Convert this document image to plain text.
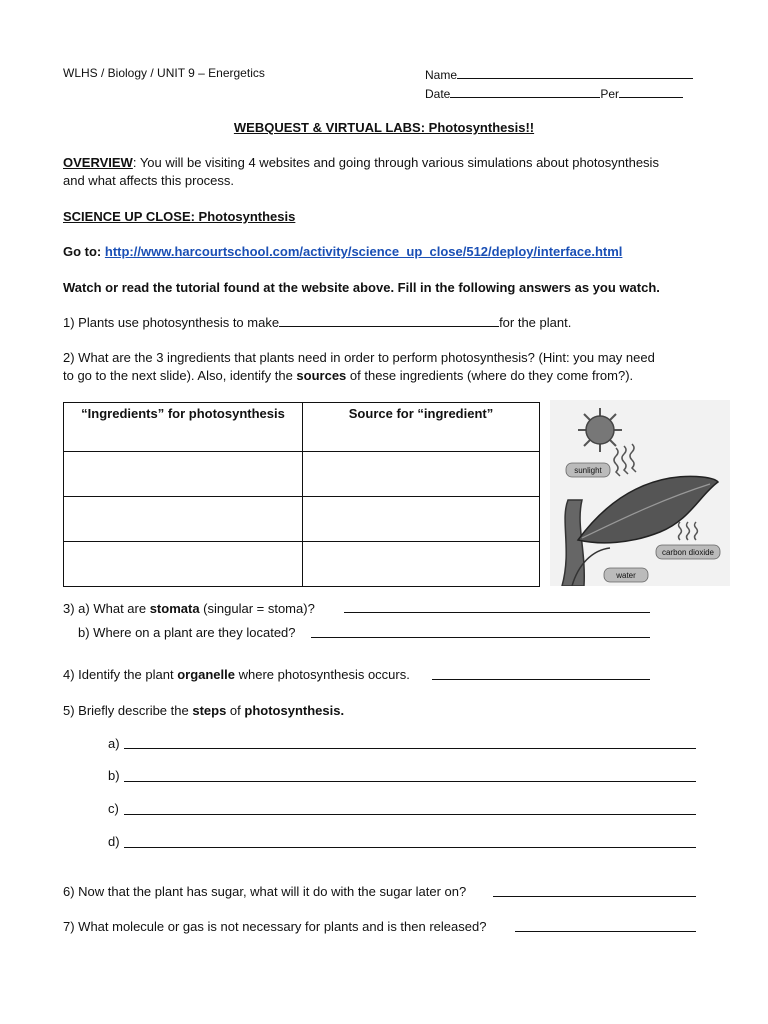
WLHS / Biology / UNIT 9 – Energetics	Name
Date	Per
WEBQUEST & VIRTUAL LABS: Photosynthesis!!
OVERVIEW: You will be visiting 4 websites and going through various simulations about photosynthesis
and what affects this process.
SCIENCE UP CLOSE: Photosynthesis
Go to: http://www.harcourtschool.com/activity/science_up_close/512/deploy/interface.html
Watch or read the tutorial found at the website above. Fill in the following answers as you watch.
1) Plants use photosynthesis to make	for the plant.
2) What are the 3 ingredients that plants need in order to perform photosynthesis? (Hint: you may need
to go to the next slide). Also, identify the sources of these ingredients (where do they come from?).
“Ingredients” for photosynthesis	Source for “ingredient”

sunlight
carbon dioxide
water
3) a) What are stomata (singular = stoma)?
b) Where on a plant are they located?
4) Identify the plant organelle where photosynthesis occurs.
5) Briefly describe the steps of photosynthesis.
a)
b)
c)
d)
6) Now that the plant has sugar, what will it do with the sugar later on?
7) What molecule or gas is not necessary for plants and is then released?
